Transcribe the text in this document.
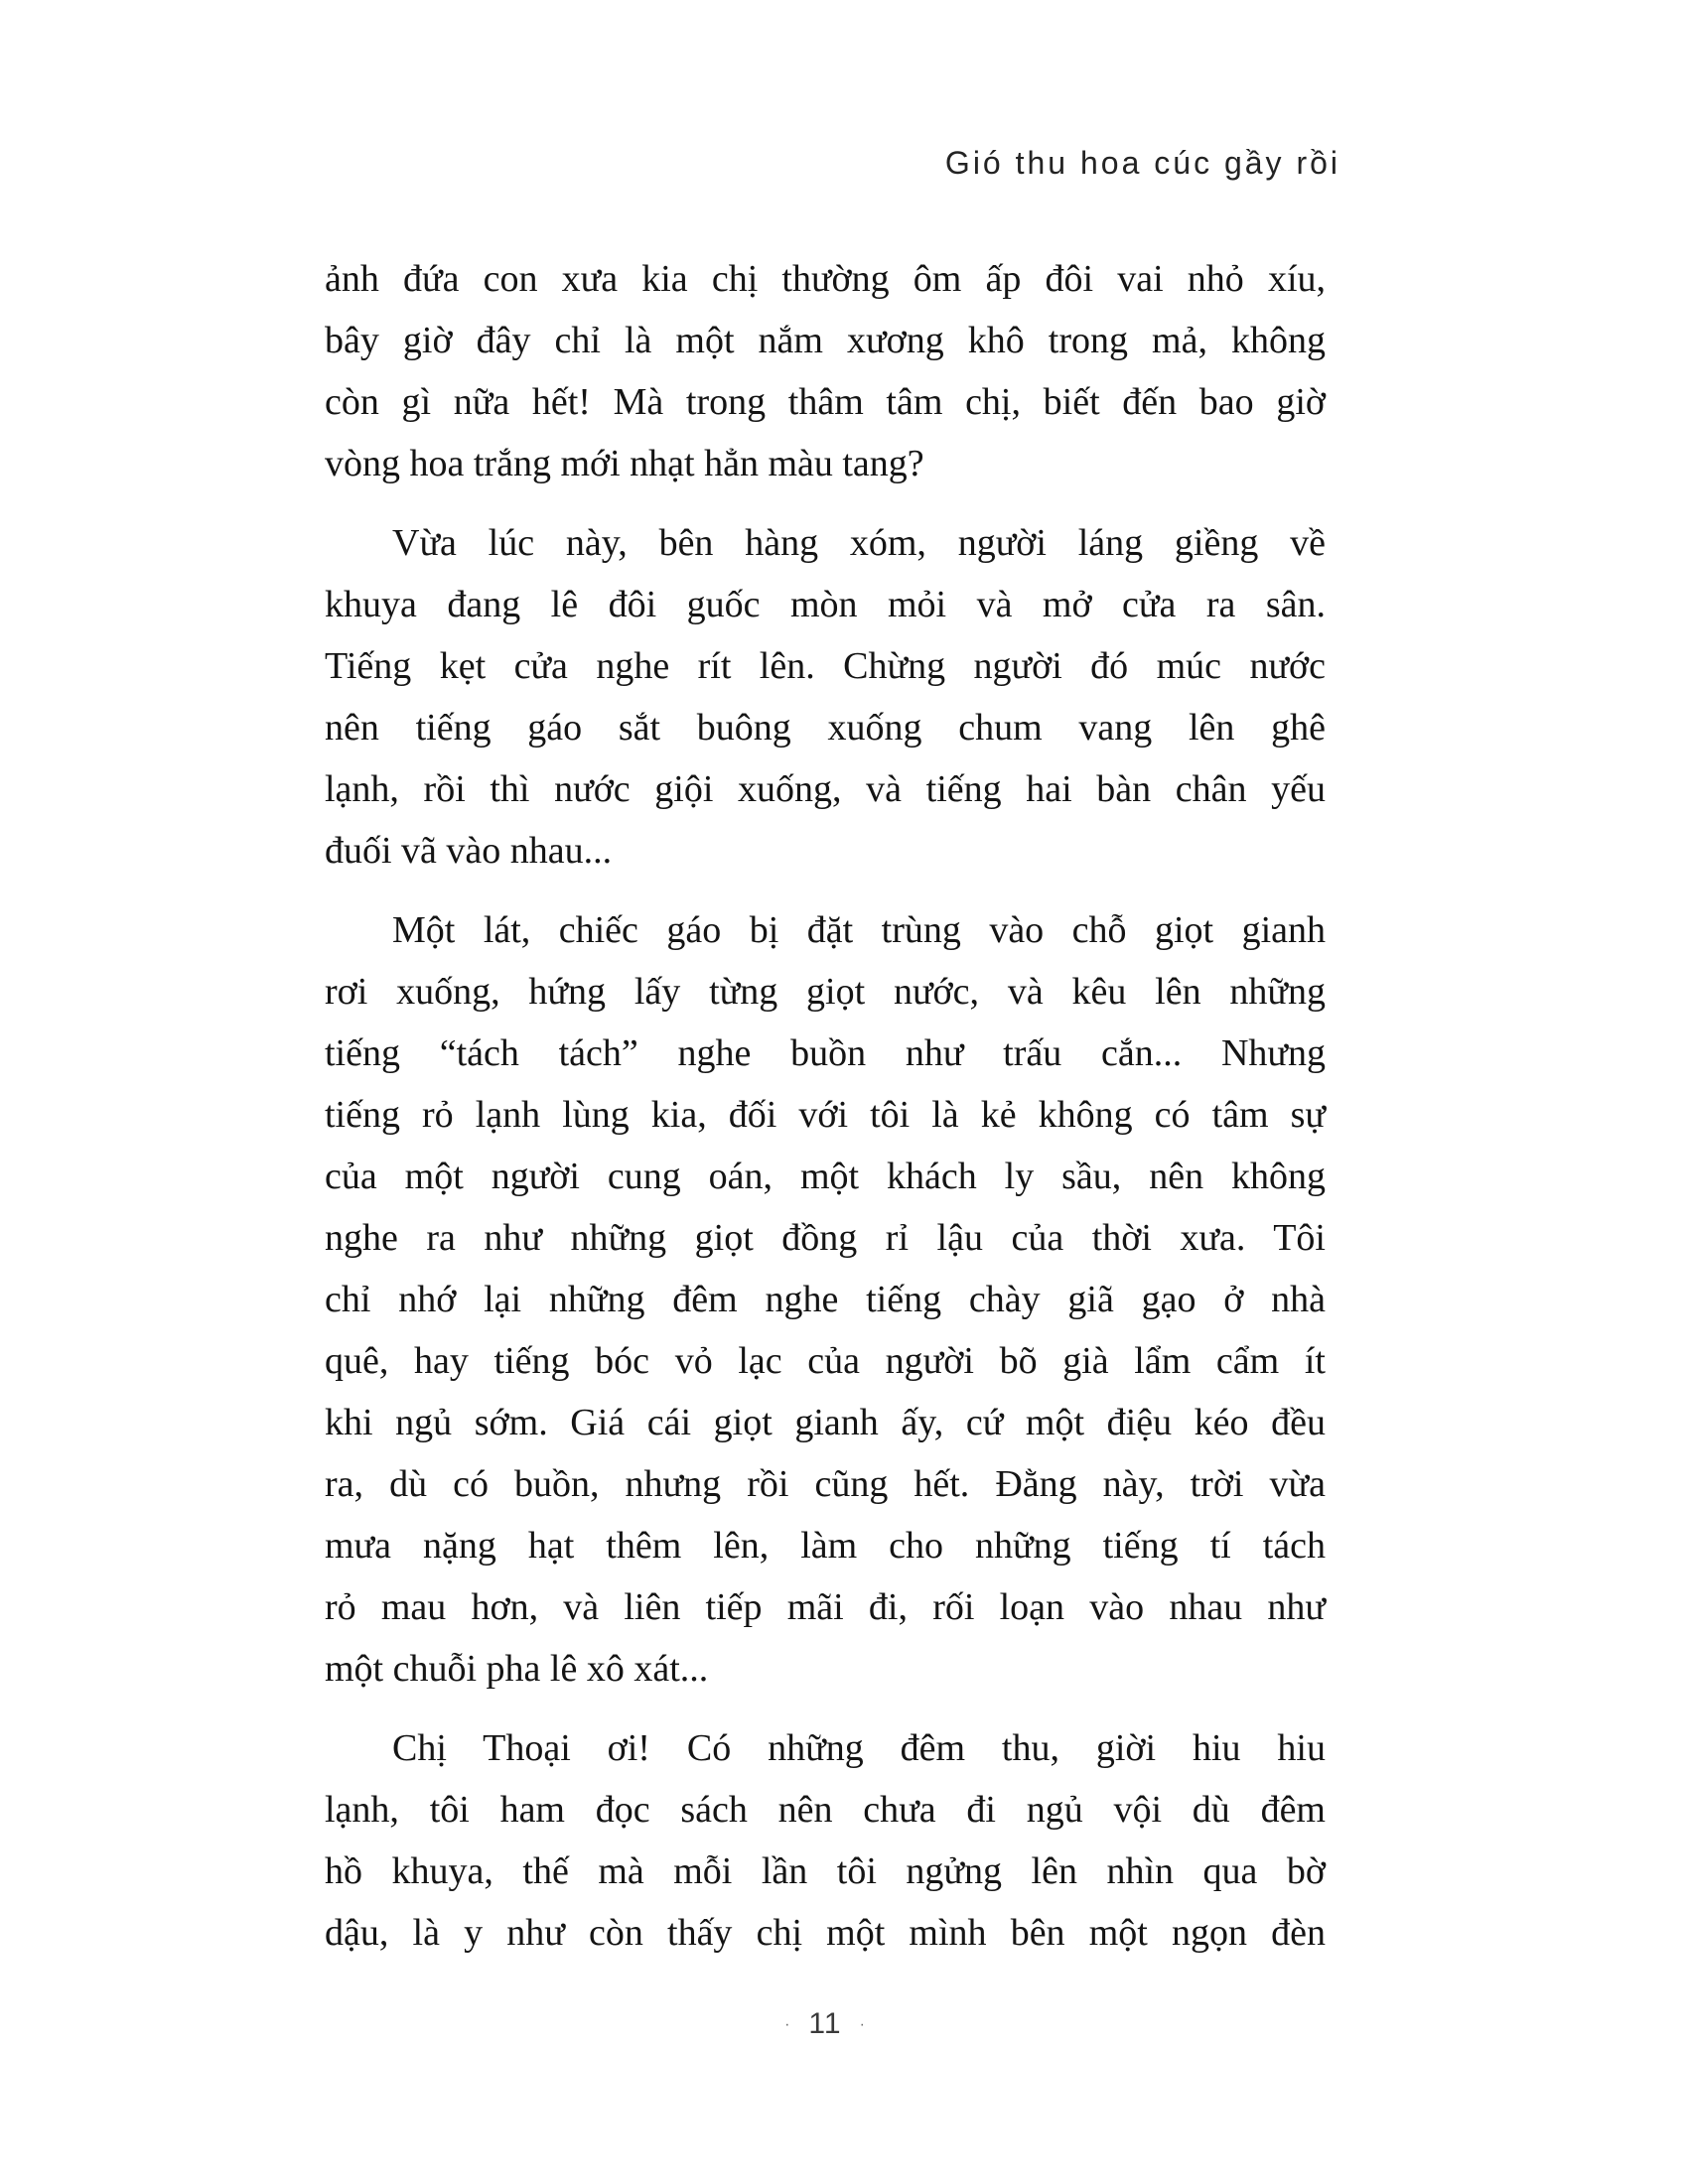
Gió thu hoa cúc gầy rồi
ảnh đứa con xưa kia chị thường ôm ấp đôi vai nhỏ xíu,
bây giờ đây chỉ là một nắm xương khô trong mả, không
còn gì nữa hết! Mà trong thâm tâm chị, biết đến bao giờ
vòng hoa trắng mới nhạt hẳn màu tang?
Vừa lúc này, bên hàng xóm, người láng giềng về
khuya đang lê đôi guốc mòn mỏi và mở cửa ra sân.
Tiếng kẹt cửa nghe rít lên. Chừng người đó múc nước
nên tiếng gáo sắt buông xuống chum vang lên ghê
lạnh, rồi thì nước giội xuống, và tiếng hai bàn chân yếu
đuối vã vào nhau...
Một lát, chiếc gáo bị đặt trùng vào chỗ giọt gianh
rơi xuống, hứng lấy từng giọt nước, và kêu lên những
tiếng “tách tách” nghe buồn như trấu cắn... Nhưng
tiếng rỏ lạnh lùng kia, đối với tôi là kẻ không có tâm sự
của một người cung oán, một khách ly sầu, nên không
nghe ra như những giọt đồng rỉ lậu của thời xưa. Tôi
chỉ nhớ lại những đêm nghe tiếng chày giã gạo ở nhà
quê, hay tiếng bóc vỏ lạc của người bõ già lẩm cẩm ít
khi ngủ sớm. Giá cái giọt gianh ấy, cứ một điệu kéo đều
ra, dù có buồn, nhưng rồi cũng hết. Đằng này, trời vừa
mưa nặng hạt thêm lên, làm cho những tiếng tí tách
rỏ mau hơn, và liên tiếp mãi đi, rối loạn vào nhau như
một chuỗi pha lê xô xát...
Chị Thoại ơi! Có những đêm thu, giời hiu hiu
lạnh, tôi ham đọc sách nên chưa đi ngủ vội dù đêm
hồ khuya, thế mà mỗi lần tôi ngửng lên nhìn qua bờ
dậu, là y như còn thấy chị một mình bên một ngọn đèn
· 11 ·
